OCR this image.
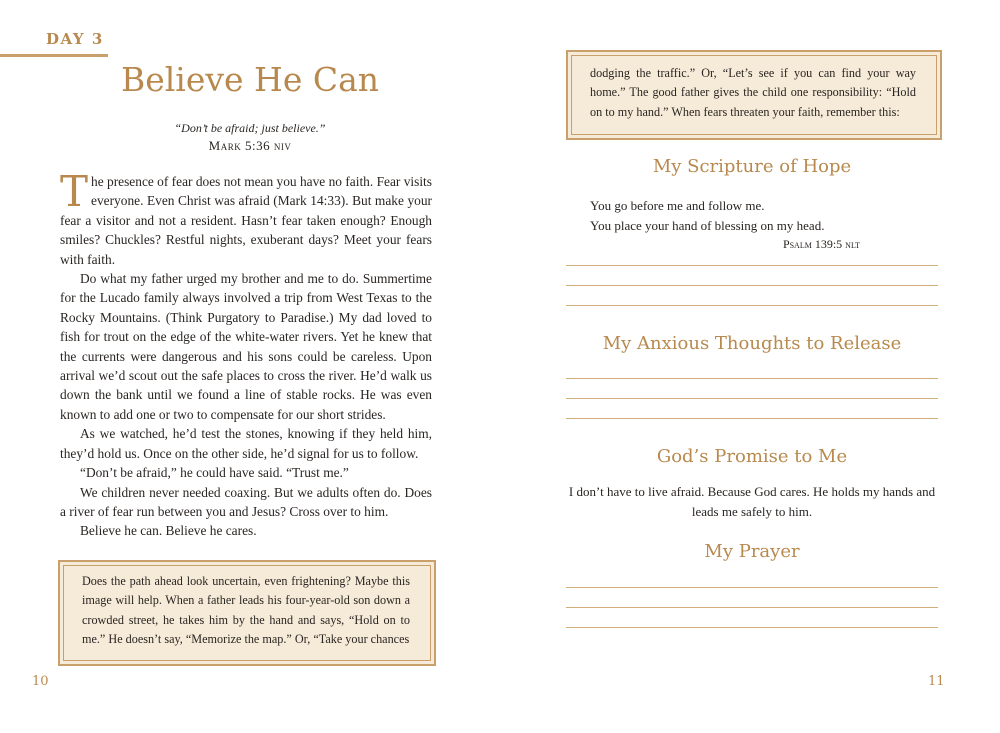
DAY 3
Believe He Can
“Don’t be afraid; just believe.”
Mark 5:36 niv

The presence of fear does not mean you have no faith. Fear visits everyone. Even Christ was afraid (Mark 14:33). But make your fear a visitor and not a resident. Hasn’t fear taken enough? Enough smiles? Chuckles? Restful nights, exuberant days? Meet your fears with faith.

Do what my father urged my brother and me to do. Summertime for the Lucado family always involved a trip from West Texas to the Rocky Mountains. (Think Purgatory to Paradise.) My dad loved to fish for trout on the edge of the white-water rivers. Yet he knew that the currents were dangerous and his sons could be careless. Upon arrival we’d scout out the safe places to cross the river. He’d walk us down the bank until we found a line of stable rocks. He was even known to add one or two to compensate for our short strides.

As we watched, he’d test the stones, knowing if they held him, they’d hold us. Once on the other side, he’d signal for us to follow.

“Don’t be afraid,” he could have said. “Trust me.”

We children never needed coaxing. But we adults often do. Does a river of fear run between you and Jesus? Cross over to him.

Believe he can. Believe he cares.

Does the path ahead look uncertain, even frightening? Maybe this image will help. When a father leads his four-year-old son down a crowded street, he takes him by the hand and says, “Hold on to me.” He doesn’t say, “Memorize the map.” Or, “Take your chances
10
dodging the traffic.” Or, “Let’s see if you can find your way home.” The good father gives the child one responsibility: “Hold on to my hand.” When fears threaten your faith, remember this:
My Scripture of Hope
You go before me and follow me.
You place your hand of blessing on my head.
Psalm 139:5 nlt
My Anxious Thoughts to Release
God’s Promise to Me
I don’t have to live afraid. Because God cares. He holds my hands and leads me safely to him.
My Prayer
11
